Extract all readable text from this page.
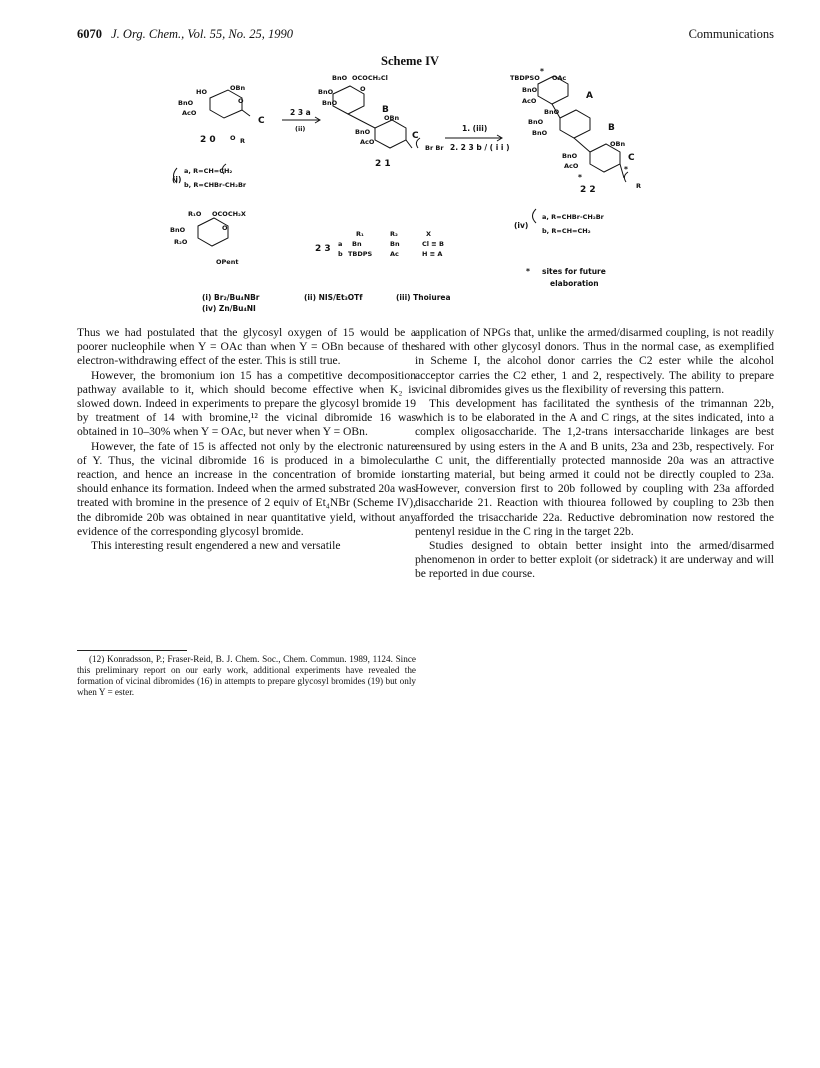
6070 J. Org. Chem., Vol. 55, No. 25, 1990	Communications
Scheme IV
HO	OBn
BnO
AcO
O
2 0
C
O R
(i)
a, R=CH=CH₂
b, R=CHBr-CH₂Br
2 3 a
(ii)
BnO OCOCH₂Cl
BnO
BnO
O
B
OBn
BnO
AcO
C
Br Br
2 1
1. (iii)
2. 2 3 b / ( i i )
*
TBDPSO OAc
BnO
AcO	A
BnO
BnO
BnO	B
OBn
BnO
AcO
C
*
*
2 2	R
R₁O OCOCH₂X
BnO
R₂O
O
OPent
2 3
R₁	R₂	X
a Bn	Bn	Cl ≡ B
b TBDPS	Ac	H ≡ A
(iv)
a, R=CHBr-CH₂Br
b, R=CH=CH₂
* sites for future
elaboration
(i) Br₂/Bu₄NBr	(ii) NIS/Et₃OTf	(iii) Thoiurea
(iv) Zn/Bu₄NI

Thus we had postulated that the glycosyl oxygen of 15 would be a poorer nucleophile when Y = OAc than when Y = OBn because of the electron-withdrawing effect of the ester. This is still true.

However, the bromonium ion 15 has a competitive decomposition pathway available to it, which should become effective when K₂ is slowed down. Indeed in experiments to prepare the glycosyl bromide 19 by treatment of 14 with bromine,¹² the vicinal dibromide 16 was obtained in 10–30% when Y = OAc, but never when Y = OBn.

However, the fate of 15 is affected not only by the electronic nature of Y. Thus, the vicinal dibromide 16 is produced in a bimolecular reaction, and hence an increase in the concentration of bromide ion should enhance its formation. Indeed when the armed substrated 20a was treated with bromine in the presence of 2 equiv of Et₄NBr (Scheme IV), the dibromide 20b was obtained in near quantitative yield, without any evidence of the corresponding glycosyl bromide.

This interesting result engendered a new and versatile

(12) Konradsson, P.; Fraser-Reid, B. J. Chem. Soc., Chem. Commun. 1989, 1124. Since this preliminary report on our early work, additional experiments have revealed the formation of vicinal dibromides (16) in attempts to prepare glycosyl bromides (19) but only when Y = ester.

application of NPGs that, unlike the armed/disarmed coupling, is not readily shared with other glycosyl donors. Thus in the normal case, as exemplified in Scheme I, the alcohol donor carries the C2 ester while the alcohol acceptor carries the C2 ether, 1 and 2, respectively. The ability to prepare vicinal dibromides gives us the flexibility of reversing this pattern.

This development has facilitated the synthesis of the trimannan 22b, which is to be elaborated in the A and C rings, at the sites indicated, into a complex oligosaccharide. The 1,2-trans intersaccharide linkages are best ensured by using esters in the A and B units, 23a and 23b, respectively. For the C unit, the differentially protected mannoside 20a was an attractive starting material, but being armed it could not be directly coupled to 23a. However, conversion first to 20b followed by coupling with 23a afforded disaccharide 21. Reaction with thiourea followed by coupling to 23b then afforded the trisaccharide 22a. Reductive debromination now restored the pentenyl residue in the C ring in the target 22b.

Studies designed to obtain better insight into the armed/disarmed phenomenon in order to better exploit (or sidetrack) it are underway and will be reported in due course.
